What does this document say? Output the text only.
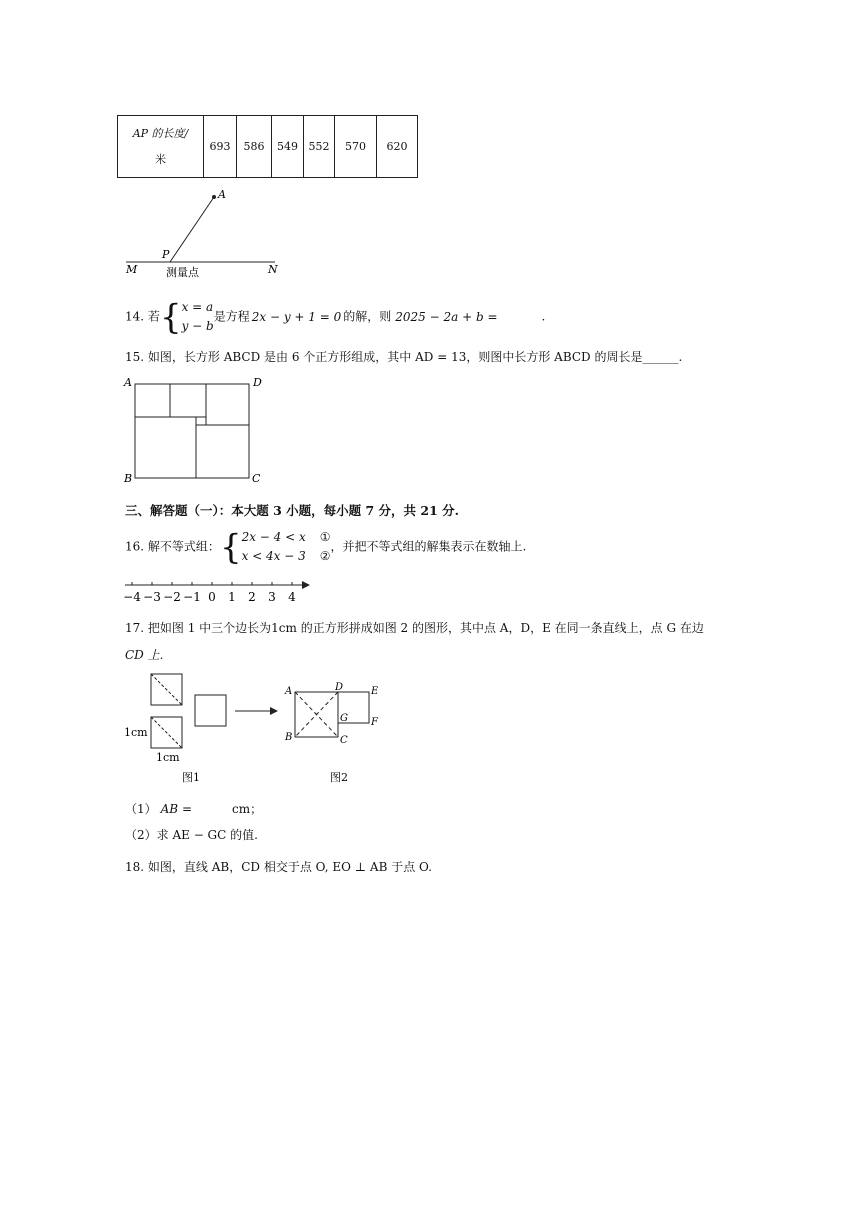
AP 的长度/
米	693	586	549	552	570	620
A
P
M	N
测量点
14. 若{x = a
y − b是方程 2x − y + 1 = 0 的解，则 2025 − 2a + b =	.
15. 如图，长方形 ABCD 是由 6 个正方形组成，其中 AD = 13，则图中长方形 ABCD 的周长是______.
A	D
B	C
三、解答题（一）：本大题 3 小题，每小题 7 分，共 21 分.
16. 解不等式组：{2x − 4 < x
x < 4x − 3①
②，并把不等式组的解集表示在数轴上.
−4 −3 −2 −1 0 1 2 3 4
17. 把如图 1 中三个边长为1cm 的正方形拼成如图 2 的图形，其中点 A，D，E 在同一条直线上，点 G 在边
CD 上.
1cm
1cm
图1
A	D	E
F
G
B	C
图2
（1） AB =	cm；
（2）求 AE − GC 的值.
18. 如图，直线 AB，CD 相交于点 O, EO ⊥ AB 于点 O.
